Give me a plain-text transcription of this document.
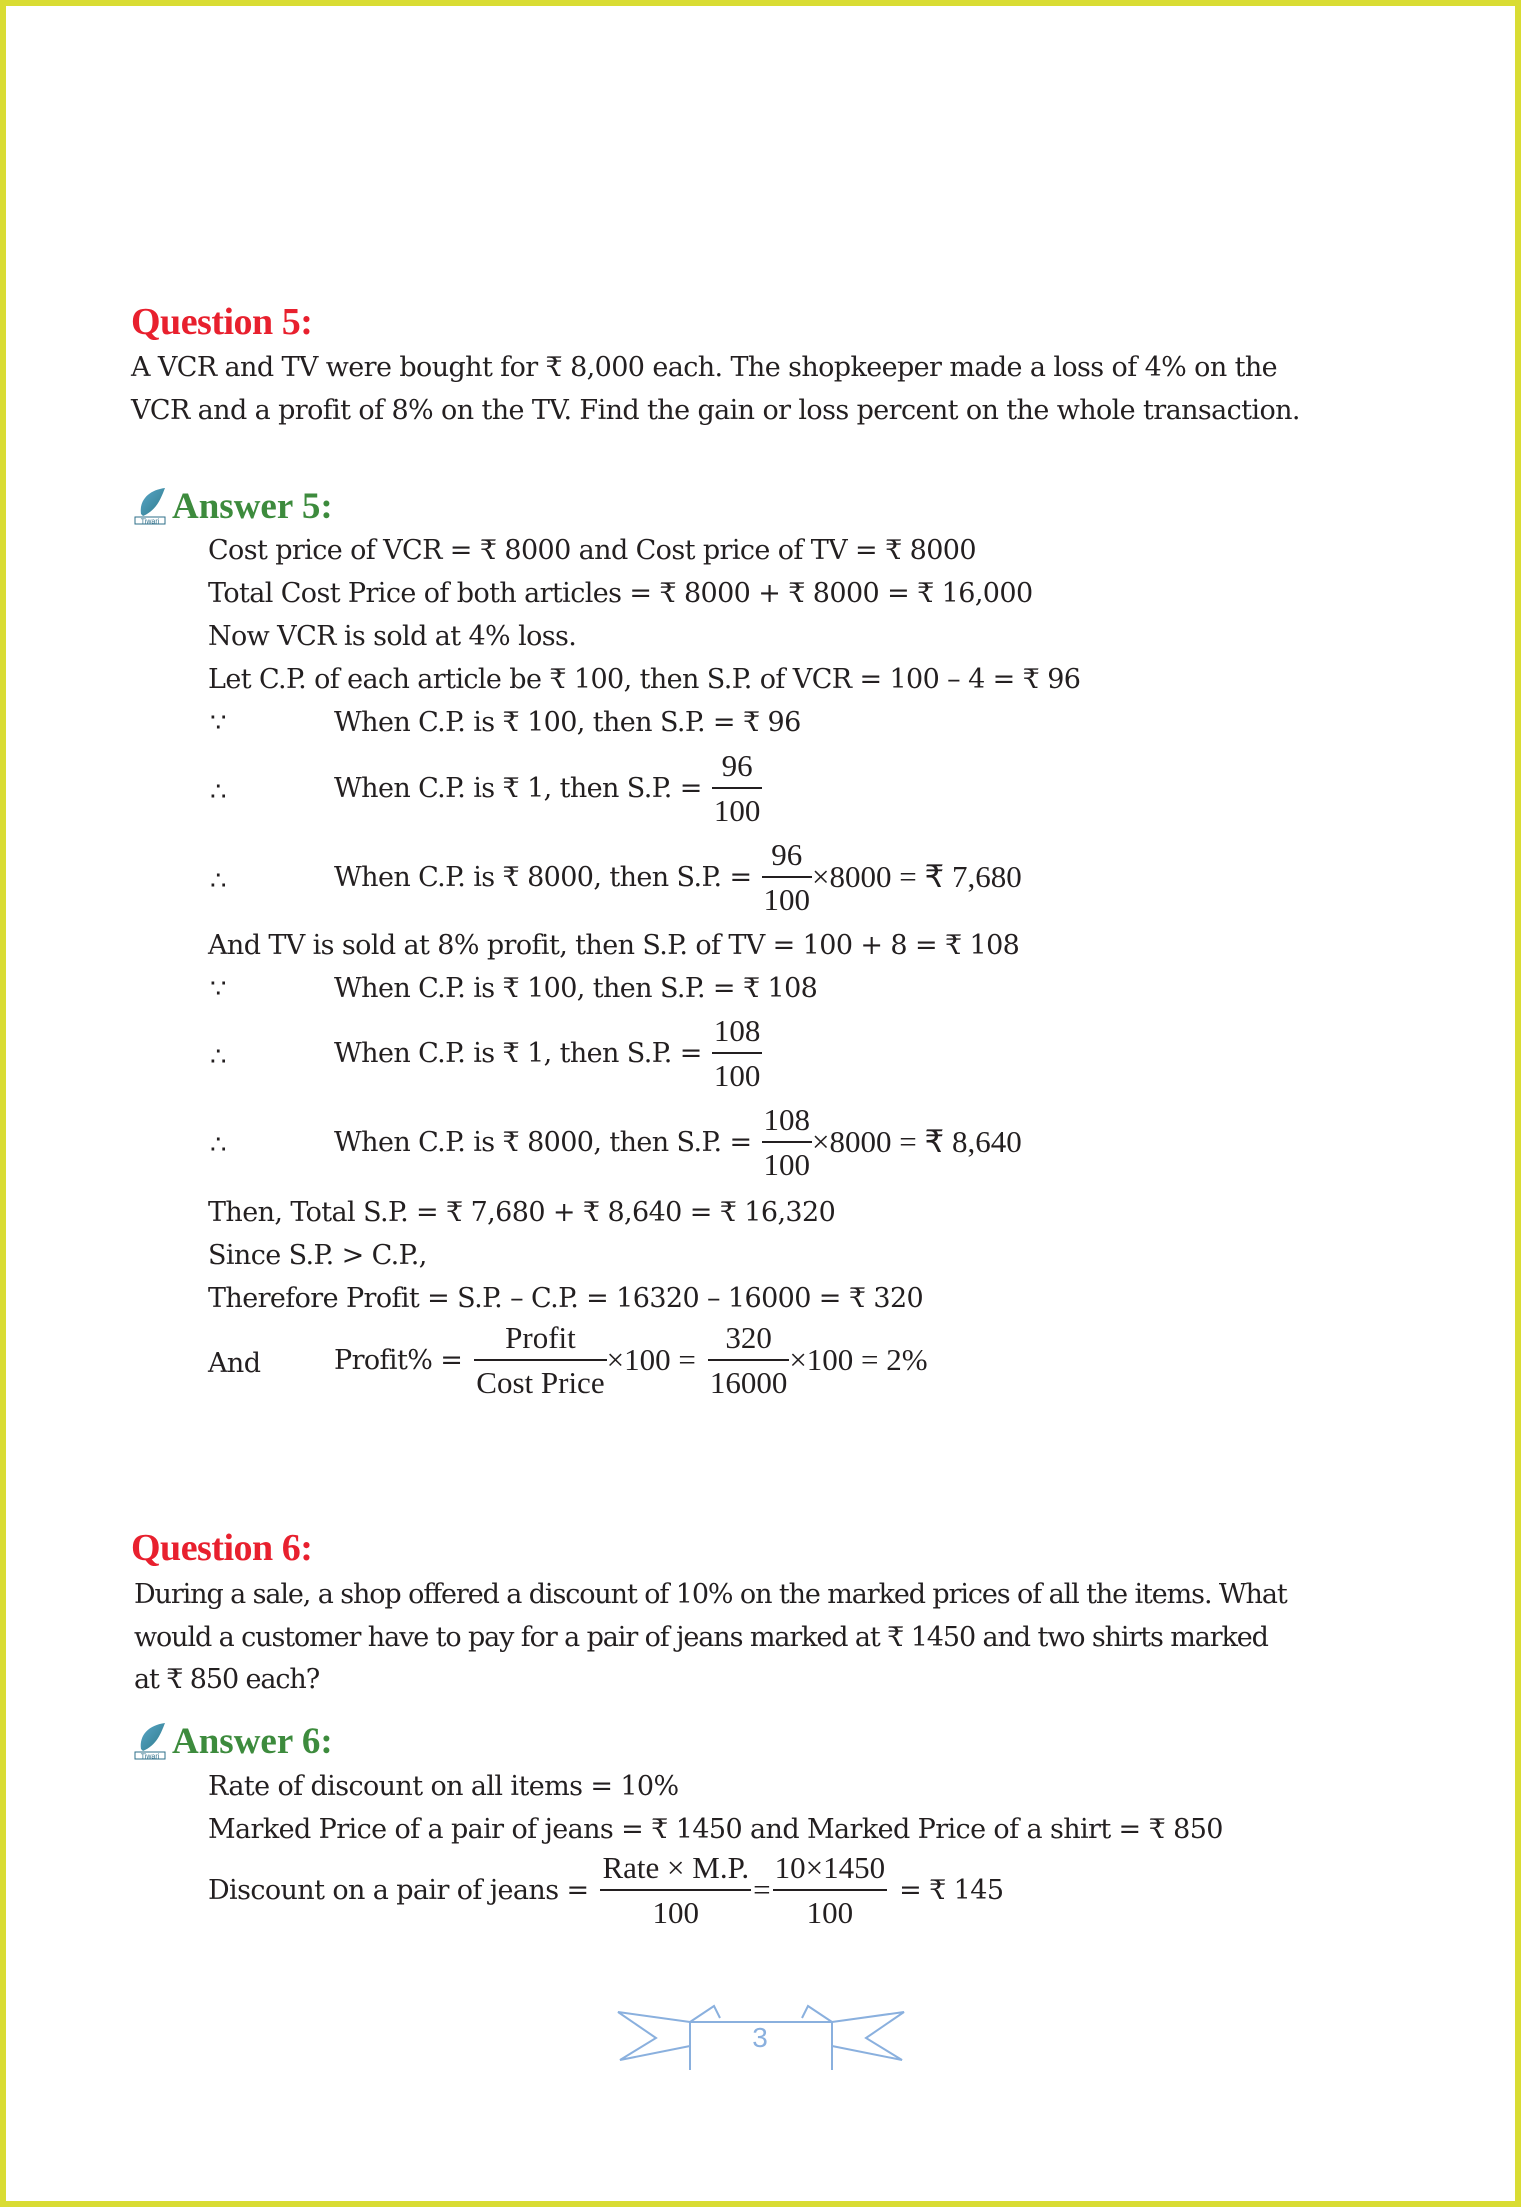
Question 5:
A VCR and TV were bought for ₹ 8,000 each. The shopkeeper made a loss of 4% on the
VCR and a profit of 8% on the TV. Find the gain or loss percent on the whole transaction.
Tiwari Answer 5:
Cost price of VCR = ₹ 8000 and Cost price of TV = ₹ 8000
Total Cost Price of both articles = ₹ 8000 + ₹ 8000 = ₹ 16,000
Now VCR is sold at 4% loss.
Let C.P. of each article be ₹ 100, then S.P. of VCR = 100 – 4 = ₹ 96
∵	When C.P. is ₹ 100, then S.P. = ₹ 96
∴	When C.P. is ₹ 1, then S.P. = $\frac{96}{100}$
∴	When C.P. is ₹ 8000, then S.P. = $\frac{96}{100} \times 8000$ = ₹ 7,680
And TV is sold at 8% profit, then S.P. of TV = 100 + 8 = ₹ 108
∵	When C.P. is ₹ 100, then S.P. = ₹ 108
∴	When C.P. is ₹ 1, then S.P. = $\frac{108}{100}$
∴	When C.P. is ₹ 8000, then S.P. = $\frac{108}{100} \times 8000$ = ₹ 8,640
Then, Total S.P. = ₹ 7,680 + ₹ 8,640 = ₹ 16,320
Since S.P. > C.P.,
Therefore Profit = S.P. – C.P. = 16320 – 16000 = ₹ 320
And	Profit% = $\frac{\text{Profit}}{\text{Cost Price}} \times 100 = \frac{320}{16000} \times 100 = 2\%$
Question 6:
During a sale, a shop offered a discount of 10% on the marked prices of all the items. What
would a customer have to pay for a pair of jeans marked at ₹ 1450 and two shirts marked
at ₹ 850 each?
Tiwari Answer 6:
Rate of discount on all items = 10%
Marked Price of a pair of jeans = ₹ 1450 and Marked Price of a shirt = ₹ 850
Discount on a pair of jeans = $\frac{\text{Rate × M.P.}}{100} = \frac{10\times 1450}{100}$ = ₹ 145
3
